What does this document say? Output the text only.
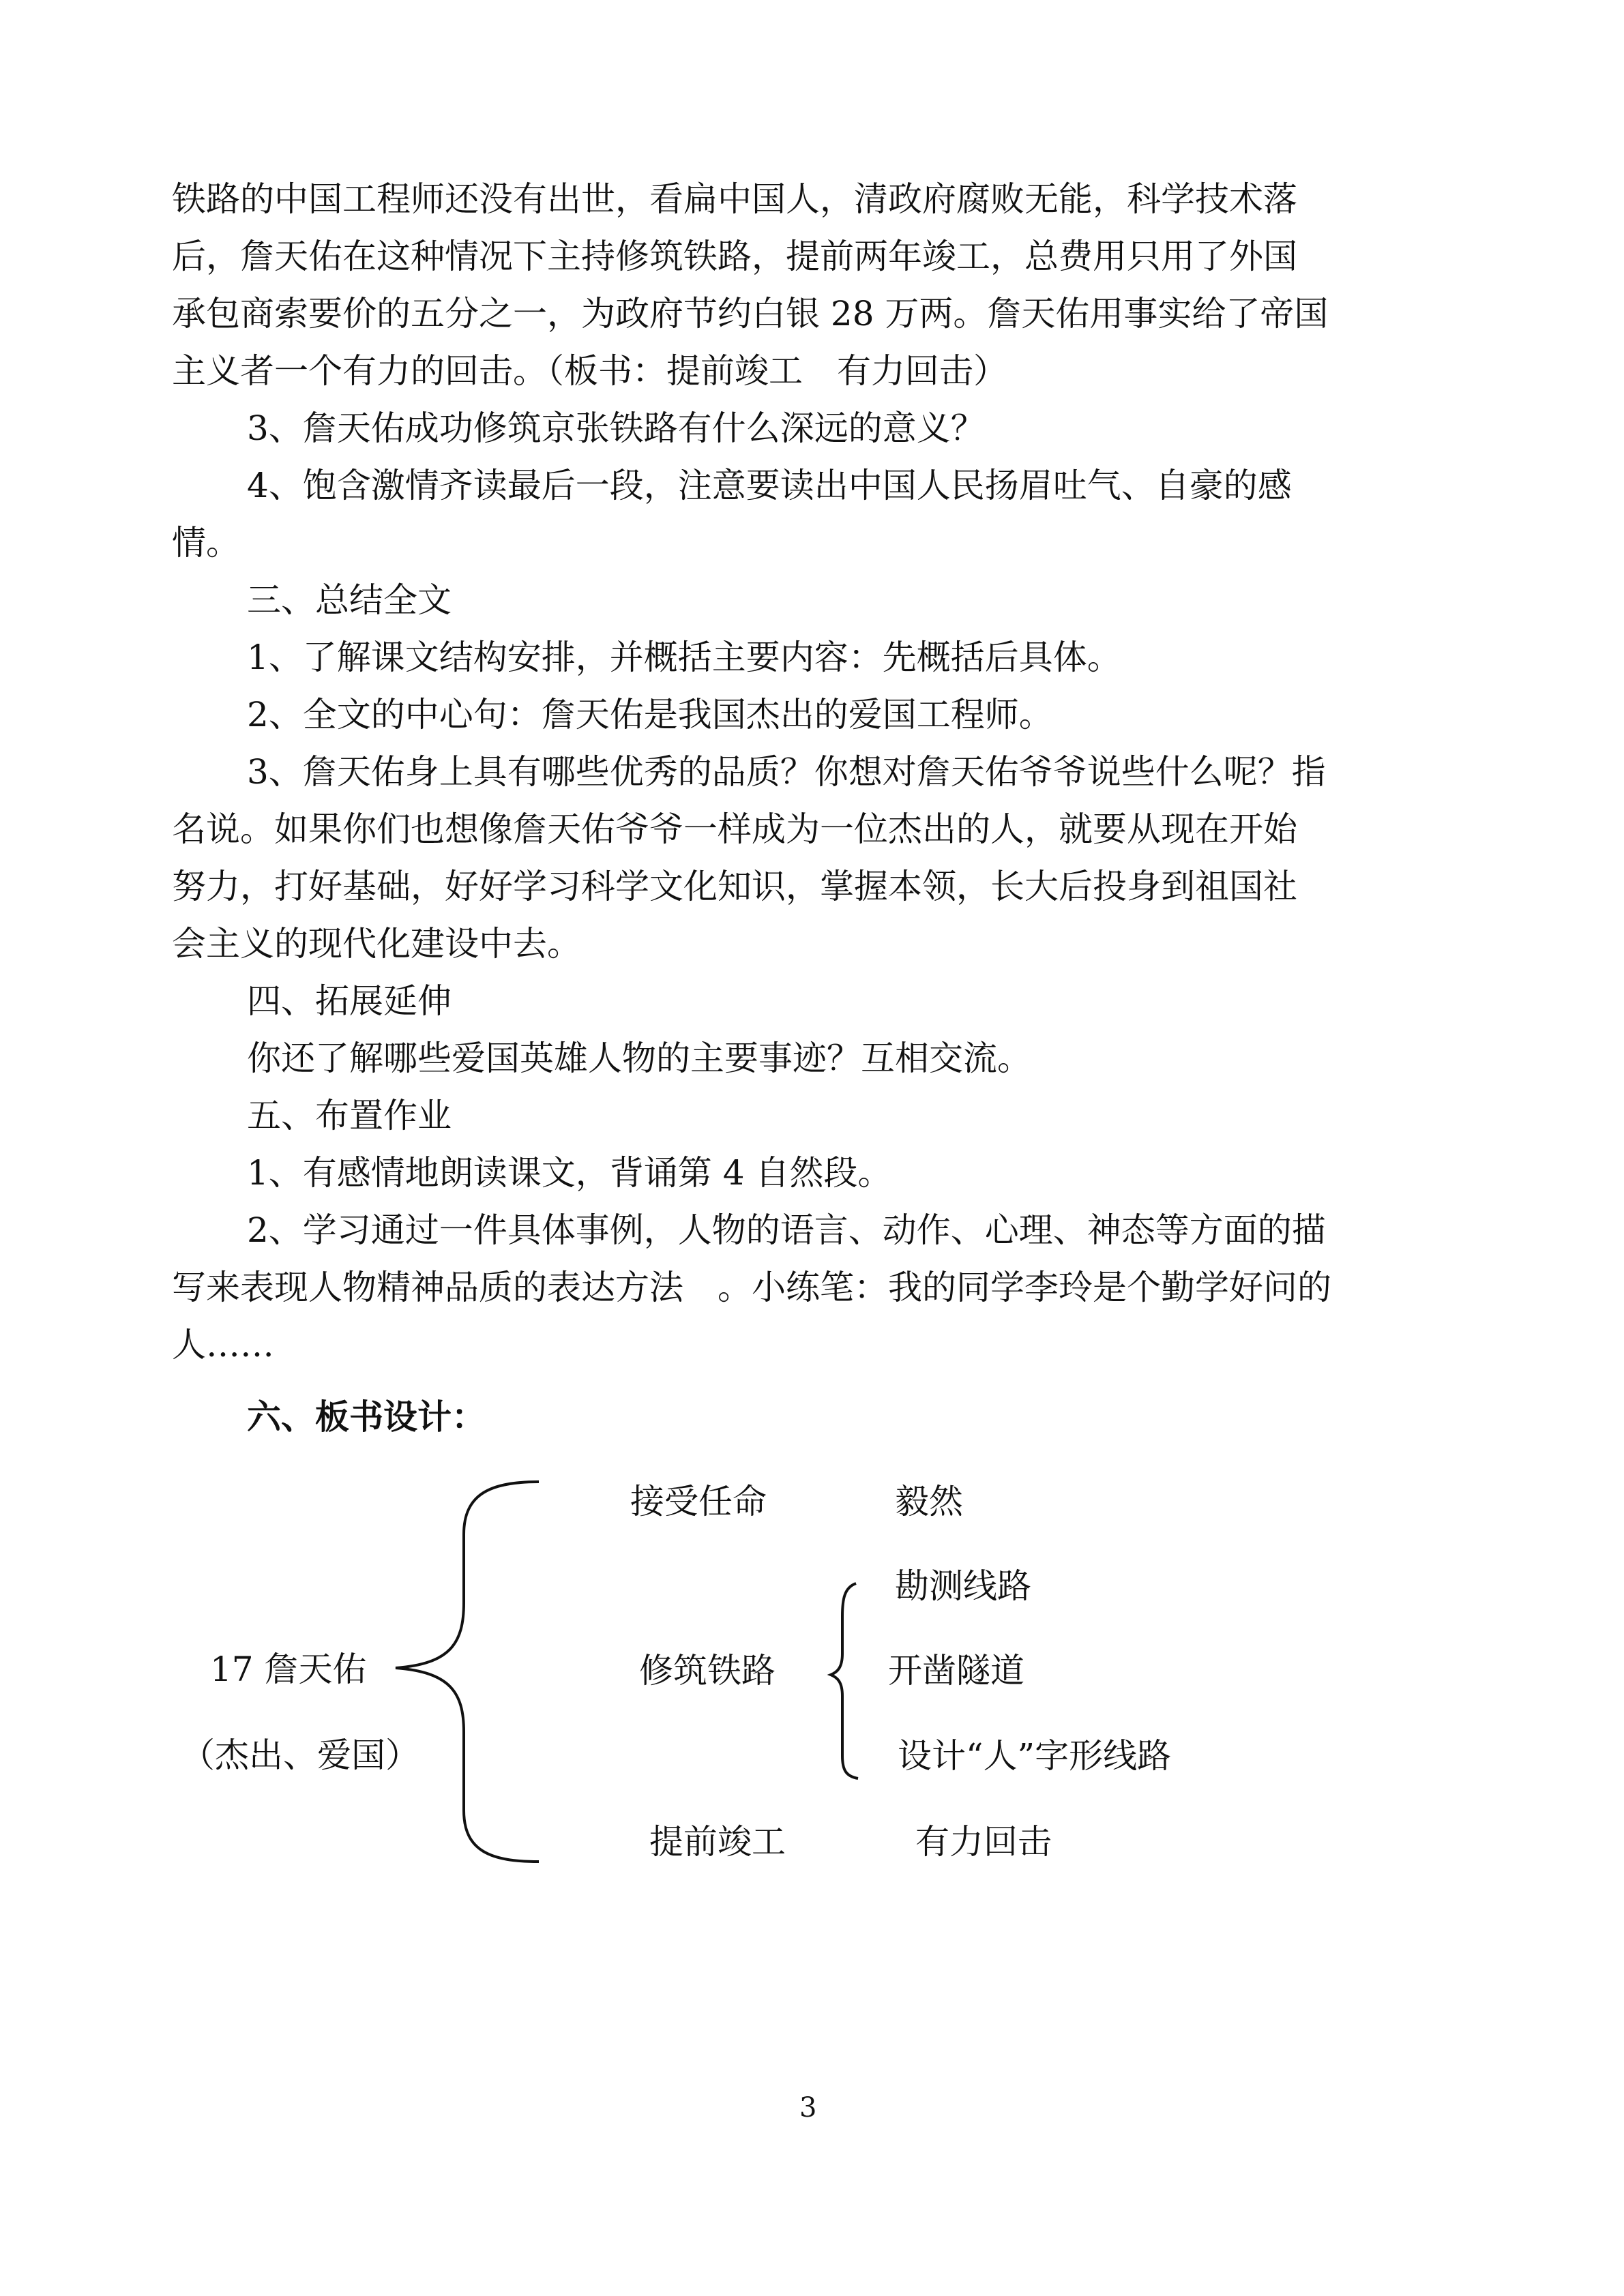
铁路的中国工程师还没有出世，看扁中国人，清政府腐败无能，科学技术落
后，詹天佑在这种情况下主持修筑铁路，提前两年竣工，总费用只用了外国
承包商索要价的五分之一，为政府节约白银 28 万两。詹天佑用事实给了帝国
主义者一个有力的回击。（板书：提前竣工　有力回击）
3、詹天佑成功修筑京张铁路有什么深远的意义？
4、饱含激情齐读最后一段，注意要读出中国人民扬眉吐气、自豪的感
情。
三、总结全文
1、了解课文结构安排，并概括主要内容：先概括后具体。
2、全文的中心句：詹天佑是我国杰出的爱国工程师。
3、詹天佑身上具有哪些优秀的品质？你想对詹天佑爷爷说些什么呢？指
名说。如果你们也想像詹天佑爷爷一样成为一位杰出的人，就要从现在开始
努力，打好基础，好好学习科学文化知识，掌握本领，长大后投身到祖国社
会主义的现代化建设中去。
四、拓展延伸
你还了解哪些爱国英雄人物的主要事迹？互相交流。
五、布置作业
1、有感情地朗读课文，背诵第 4 自然段。
2、学习通过一件具体事例，人物的语言、动作、心理、神态等方面的描
写来表现人物精神品质的表达方法　。小练笔：我的同学李玲是个勤学好问的
人……
六、板书设计：
17 詹天佑
（杰出、爱国）
接受任命	毅然
修筑铁路
勘测线路
开凿隧道
设计“人”字形线路
提前竣工	有力回击
3
